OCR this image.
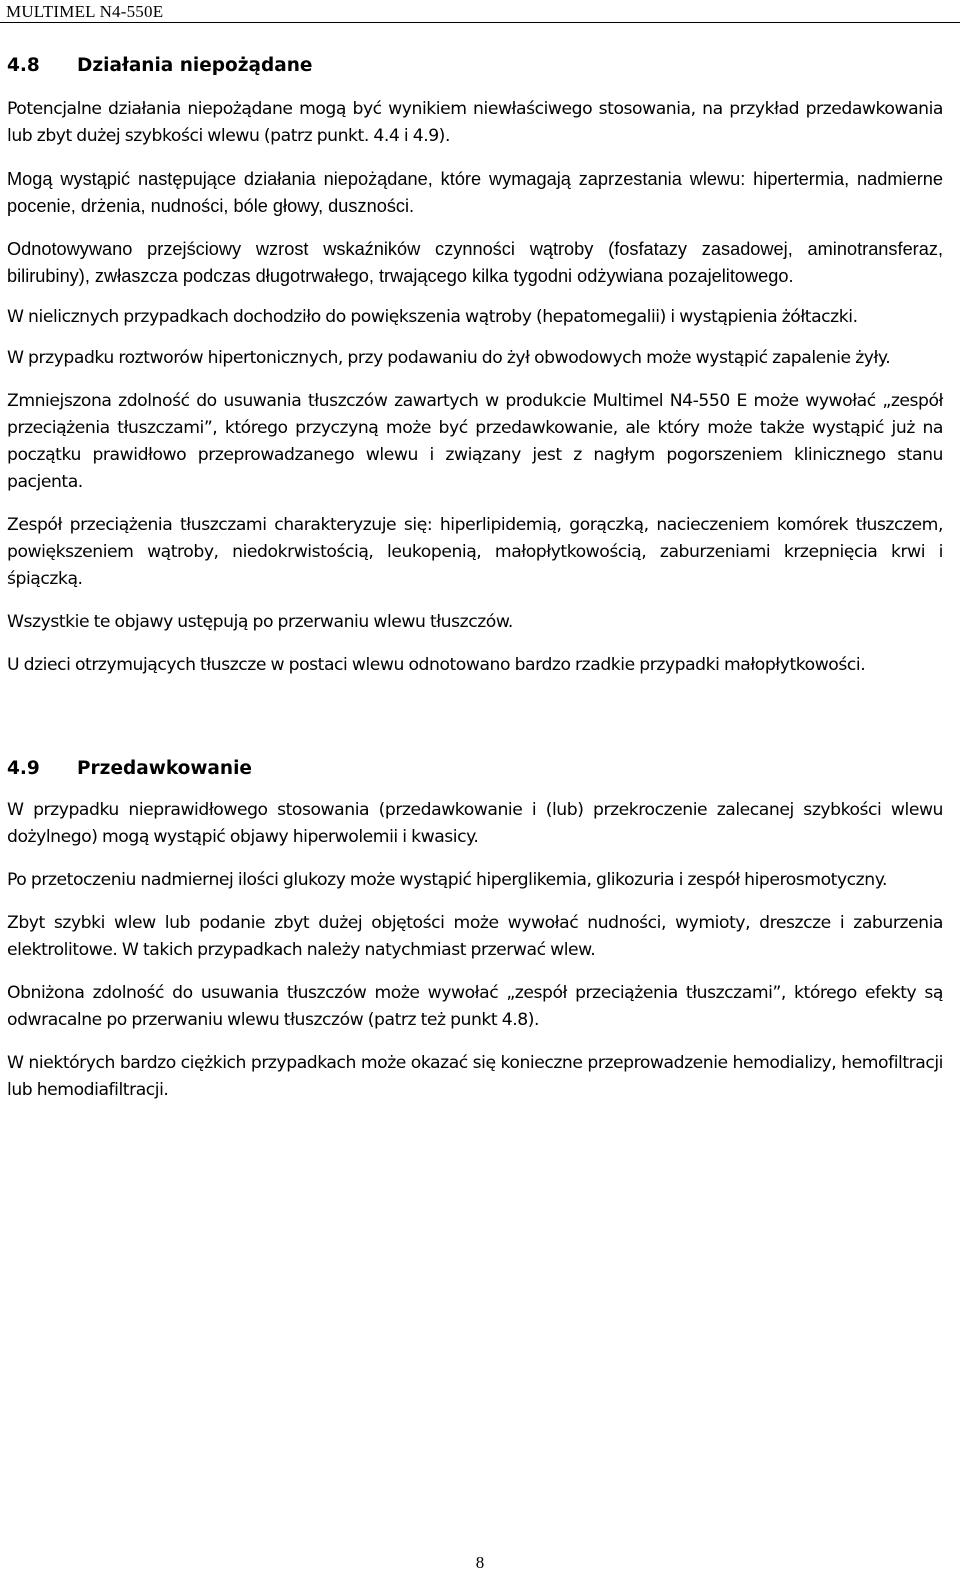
MULTIMEL N4-550E
4.8	Działania niepożądane

Potencjalne działania niepożądane mogą być wynikiem niewłaściwego stosowania, na przykład przedawkowania lub zbyt dużej szybkości wlewu (patrz punkt. 4.4 i 4.9).

Mogą wystąpić następujące działania niepożądane, które wymagają zaprzestania wlewu: hipertermia, nadmierne pocenie, drżenia, nudności, bóle głowy, duszności.

Odnotowywano przejściowy wzrost wskaźników czynności wątroby (fosfatazy zasadowej, aminotransferaz, bilirubiny), zwłaszcza podczas długotrwałego, trwającego kilka tygodni odżywiana pozajelitowego.

W nielicznych przypadkach dochodziło do powiększenia wątroby (hepatomegalii) i wystąpienia żółtaczki.

W przypadku roztworów hipertonicznych, przy podawaniu do żył obwodowych może wystąpić zapalenie żyły.

Zmniejszona zdolność do usuwania tłuszczów zawartych w produkcie Multimel N4-550 E może wywołać „zespół przeciążenia tłuszczami”, którego przyczyną może być przedawkowanie, ale który może także wystąpić już na początku prawidłowo przeprowadzanego wlewu i związany jest z nagłym pogorszeniem klinicznego stanu pacjenta.

Zespół przeciążenia tłuszczami charakteryzuje się: hiperlipidemią, gorączką, nacieczeniem komórek tłuszczem, powiększeniem wątroby, niedokrwistością, leukopenią, małopłytkowością, zaburzeniami krzepnięcia krwi i śpiączką.

Wszystkie te objawy ustępują po przerwaniu wlewu tłuszczów.

U dzieci otrzymujących tłuszcze w postaci wlewu odnotowano bardzo rzadkie przypadki małopłytkowości.

4.9	Przedawkowanie

W przypadku nieprawidłowego stosowania (przedawkowanie i (lub) przekroczenie zalecanej szybkości wlewu dożylnego) mogą wystąpić objawy hiperwolemii i kwasicy.

Po przetoczeniu nadmiernej ilości glukozy może wystąpić hiperglikemia, glikozuria i zespół hiperosmotyczny.

Zbyt szybki wlew lub podanie zbyt dużej objętości może wywołać nudności, wymioty, dreszcze i zaburzenia elektrolitowe. W takich przypadkach należy natychmiast przerwać wlew.

Obniżona zdolność do usuwania tłuszczów może wywołać „zespół przeciążenia tłuszczami”, którego efekty są odwracalne po przerwaniu wlewu tłuszczów (patrz też punkt 4.8).

W niektórych bardzo ciężkich przypadkach może okazać się konieczne przeprowadzenie hemodializy, hemofiltracji lub hemodiafiltracji.

8
